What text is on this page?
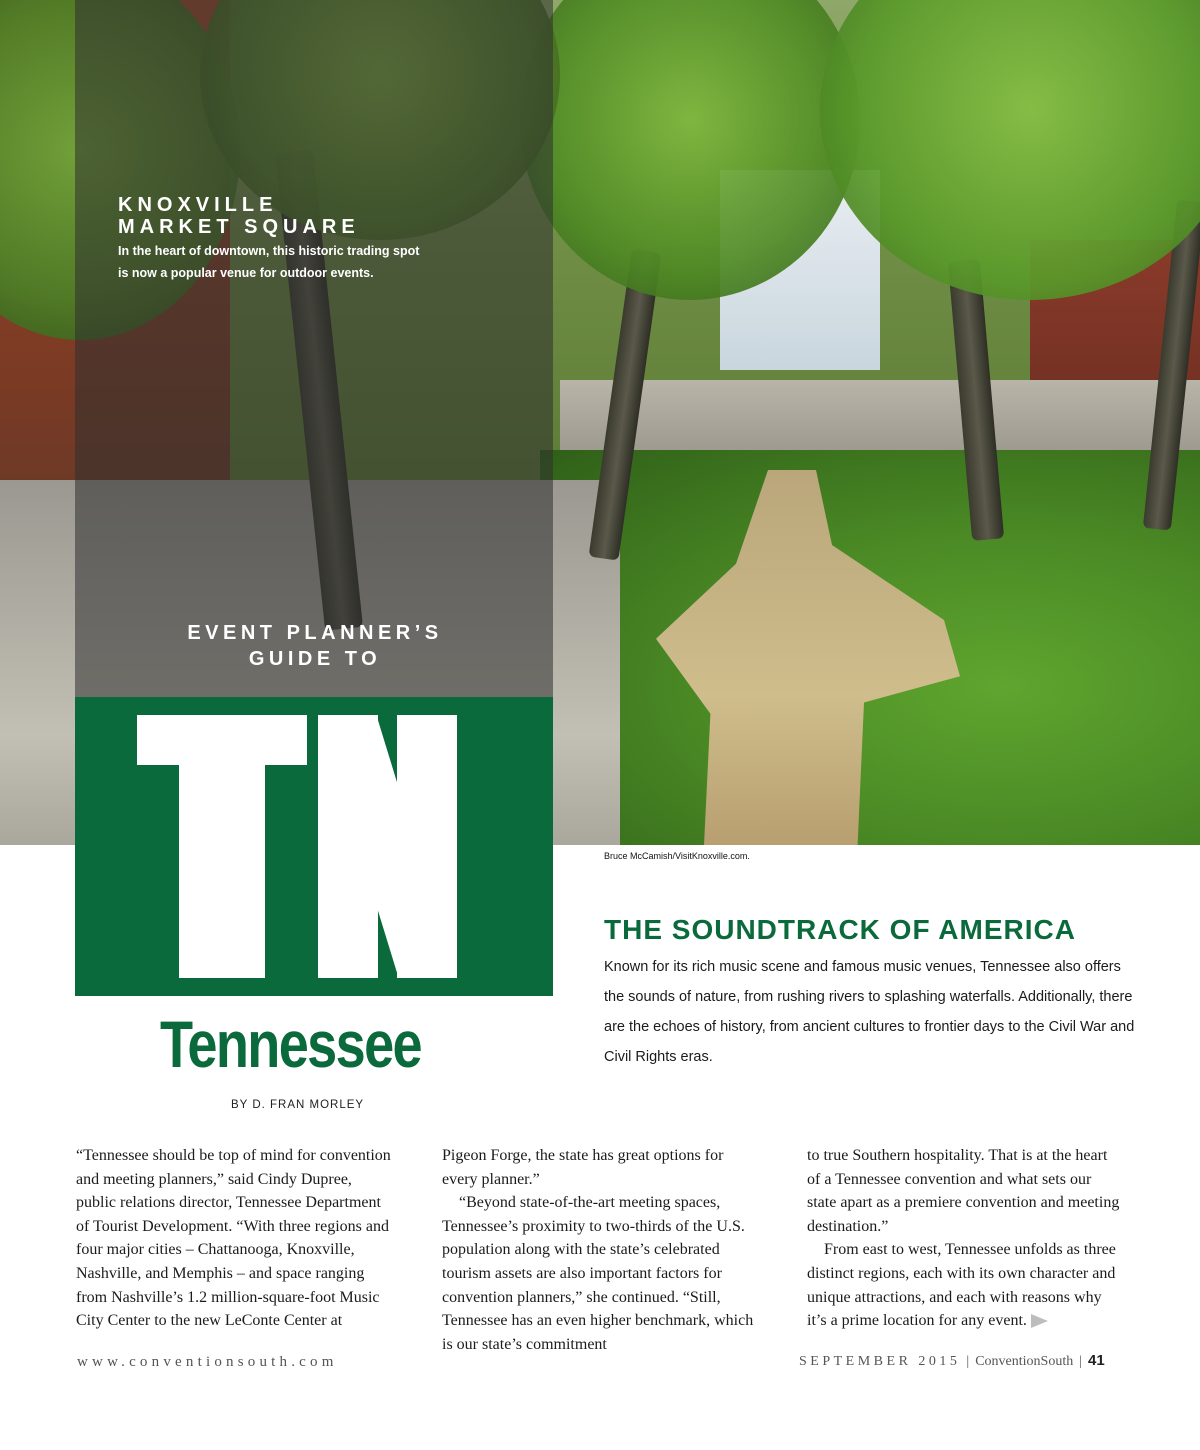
KNOXVILLE
MARKET SQUARE
In the heart of downtown, this historic trading spot is now a popular venue for outdoor events.
EVENT PLANNER’S
GUIDE TO
Tennessee
BY D. FRAN MORLEY
Bruce McCamish/VisitKnoxville.com.
THE SOUNDTRACK OF AMERICA
Known for its rich music scene and famous music venues, Tennessee also offers the sounds of nature, from rushing rivers to splashing waterfalls. Additionally, there are the echoes of history, from ancient cultures to frontier days to the Civil War and Civil Rights eras.

“Tennessee should be top of mind for convention and meeting planners,” said Cindy Dupree, public relations director, Tennessee Department of Tourist Development. “With three regions and four major cities – Chattanooga, Knoxville, Nashville, and Memphis – and space ranging from Nashville’s 1.2 million-square-foot Music City Center to the new LeConte Center at

Pigeon Forge, the state has great options for every planner.”

“Beyond state-of-the-art meeting spaces, Tennessee’s proximity to two-thirds of the U.S. population along with the state’s celebrated tourism assets are also important factors for convention planners,” she continued. “Still, Tennessee has an even higher benchmark, which is our state’s commitment

to true Southern hospitality. That is at the heart of a Tennessee convention and what sets our state apart as a premiere convention and meeting destination.”

From east to west, Tennessee unfolds as three distinct regions, each with its own character and unique attractions, and each with reasons why it’s a prime location for any event.

www.conventionsouth.com	SEPTEMBER 2015 | ConventionSouth | 41
